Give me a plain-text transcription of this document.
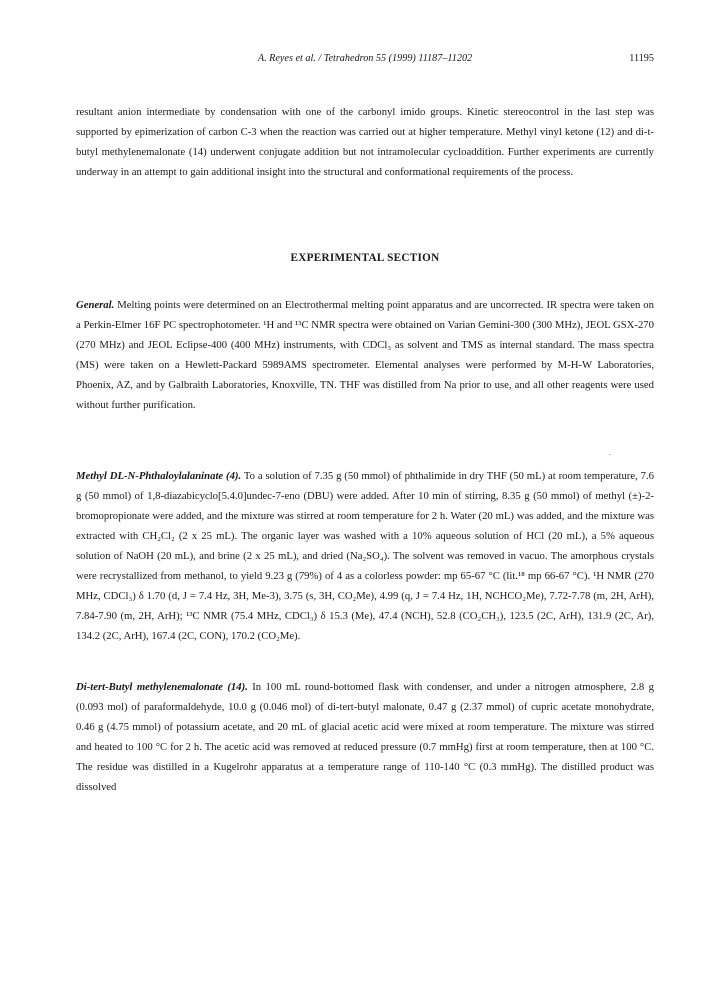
A. Reyes et al. / Tetrahedron 55 (1999) 11187–11202	11195

resultant anion intermediate by condensation with one of the carbonyl imido groups. Kinetic stereocontrol in the last step was supported by epimerization of carbon C-3 when the reaction was carried out at higher temperature. Methyl vinyl ketone (12) and di-t-butyl methylenemalonate (14) underwent conjugate addition but not intramolecular cycloaddition. Further experiments are currently underway in an attempt to gain additional insight into the structural and conformational requirements of the process.

EXPERIMENTAL SECTION

General. Melting points were determined on an Electrothermal melting point apparatus and are uncorrected. IR spectra were taken on a Perkin-Elmer 16F PC spectrophotometer. ¹H and ¹³C NMR spectra were obtained on Varian Gemini-300 (300 MHz), JEOL GSX-270 (270 MHz) and JEOL Eclipse-400 (400 MHz) instruments, with CDCl₃ as solvent and TMS as internal standard. The mass spectra (MS) were taken on a Hewlett-Packard 5989AMS spectrometer. Elemental analyses were performed by M-H-W Laboratories, Phoenix, AZ, and by Galbraith Laboratories, Knoxville, TN. THF was distilled from Na prior to use, and all other reagents were used without further purification.

Methyl DL-N-Phthaloylalaninate (4). To a solution of 7.35 g (50 mmol) of phthalimide in dry THF (50 mL) at room temperature, 7.6 g (50 mmol) of 1,8-diazabicyclo[5.4.0]undec-7-eno (DBU) were added. After 10 min of stirring, 8.35 g (50 mmol) of methyl (±)-2-bromopropionate were added, and the mixture was stirred at room temperature for 2 h. Water (20 mL) was added, and the mixture was extracted with CH₂Cl₂ (2 x 25 mL). The organic layer was washed with a 10% aqueous solution of HCl (20 mL), a 5% aqueous solution of NaOH (20 mL), and brine (2 x 25 mL), and dried (Na₂SO₄). The solvent was removed in vacuo. The amorphous crystals were recrystallized from methanol, to yield 9.23 g (79%) of 4 as a colorless powder: mp 65-67 °C (lit.¹⁸ mp 66-67 °C). ¹H NMR (270 MHz, CDCl₃) δ 1.70 (d, J = 7.4 Hz, 3H, Me-3), 3.75 (s, 3H, CO₂Me), 4.99 (q, J = 7.4 Hz, 1H, NCHCO₂Me), 7.72-7.78 (m, 2H, ArH), 7.84-7.90 (m, 2H, ArH); ¹³C NMR (75.4 MHz, CDCl₃) δ 15.3 (Me), 47.4 (NCH), 52.8 (CO₂CH₃), 123.5 (2C, ArH), 131.9 (2C, Ar), 134.2 (2C, ArH), 167.4 (2C, CON), 170.2 (CO₂Me).

Di-tert-Butyl methylenemalonate (14). In 100 mL round-bottomed flask with condenser, and under a nitrogen atmosphere, 2.8 g (0.093 mol) of paraformaldehyde, 10.0 g (0.046 mol) of di-tert-butyl malonate, 0.47 g (2.37 mmol) of cupric acetate monohydrate, 0.46 g (4.75 mmol) of potassium acetate, and 20 mL of glacial acetic acid were mixed at room temperature. The mixture was stirred and heated to 100 °C for 2 h. The acetic acid was removed at reduced pressure (0.7 mmHg) first at room temperature, then at 100 °C. The residue was distilled in a Kugelrohr apparatus at a temperature range of 110-140 °C (0.3 mmHg). The distilled product was dissolved
